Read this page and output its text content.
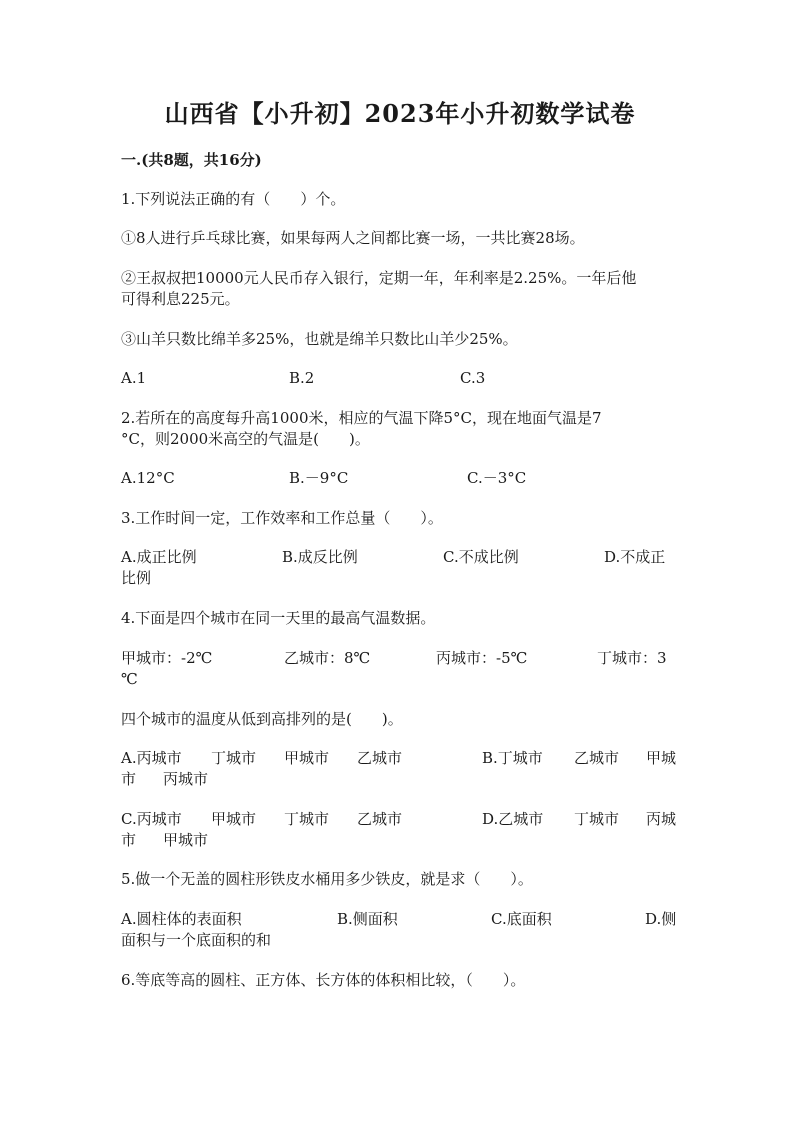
山西省【小升初】2023年小升初数学试卷
一.(共8题，共16分)
1.下列说法正确的有（　　）个。
①8人进行乒乓球比赛，如果每两人之间都比赛一场，一共比赛28场。
②王叔叔把10000元人民币存入银行，定期一年，年利率是2.25%。一年后他
可得利息225元。
③山羊只数比绵羊多25%，也就是绵羊只数比山羊少25%。
A.1	B.2	C.3
2.若所在的高度每升高1000米，相应的气温下降5°C，现在地面气温是7
°C，则2000米高空的气温是(　　)。
A.12°C	B.－9°C	C.－3°C
3.工作时间一定，工作效率和工作总量（　　）。
A.成正比例	B.成反比例	C.不成比例	D.不成正
比例
4.下面是四个城市在同一天里的最高气温数据。
甲城市：-2℃	乙城市：8℃	丙城市：-5℃	丁城市：3
℃
四个城市的温度从低到高排列的是(　　)。
A.丙城市 丁城市 甲城市 乙城市	B.丁城市 乙城市 甲城
市 丙城市
C.丙城市 甲城市 丁城市 乙城市	D.乙城市 丁城市 丙城
市 甲城市
5.做一个无盖的圆柱形铁皮水桶用多少铁皮，就是求（　　）。
A.圆柱体的表面积	B.侧面积	C.底面积	D.侧
面积与一个底面积的和
6.等底等高的圆柱、正方体、长方体的体积相比较，（　　）。
